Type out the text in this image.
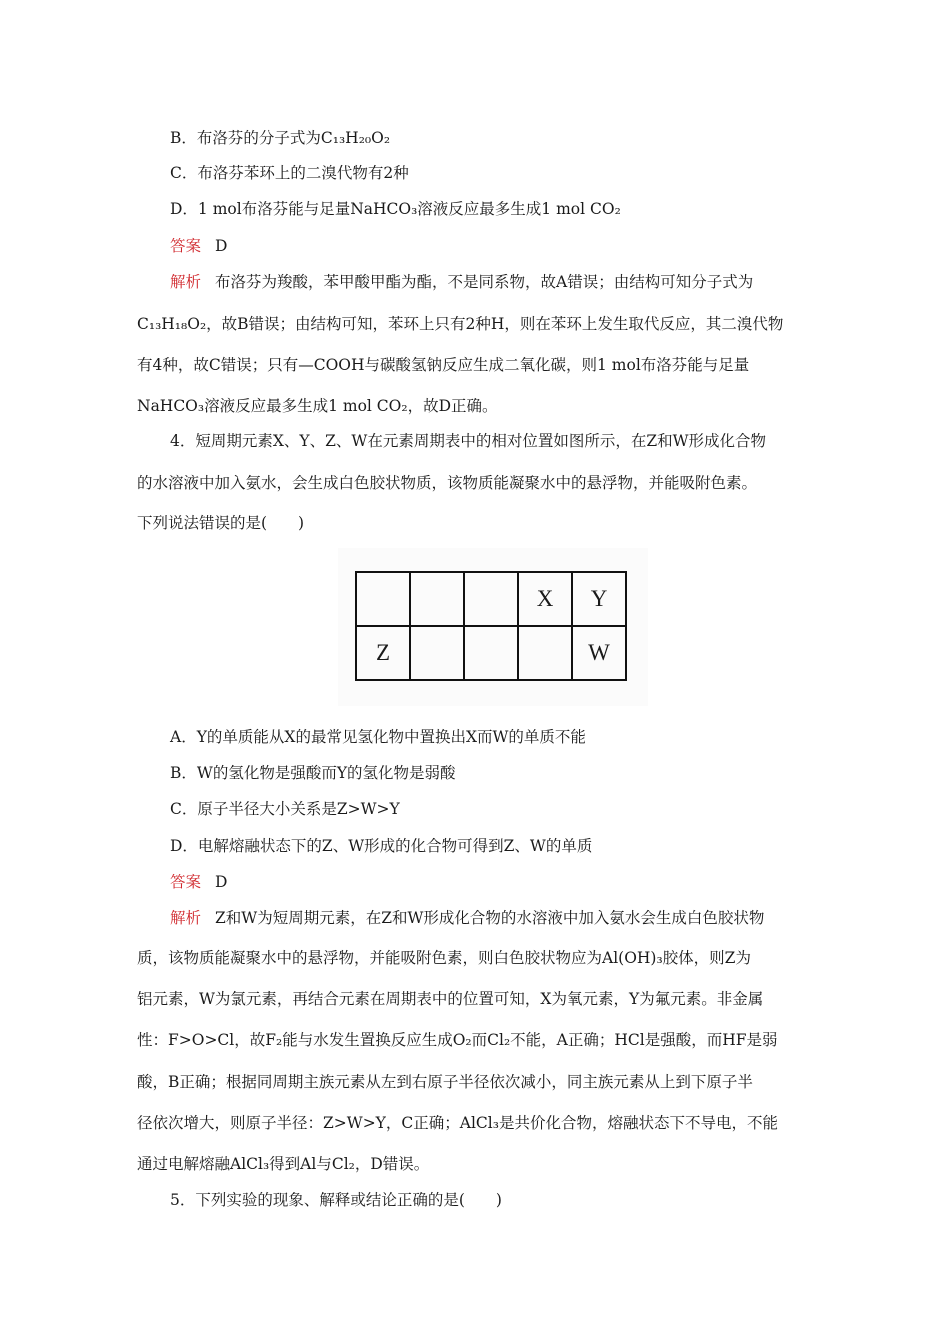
B．布洛芬的分子式为C₁₃H₂₀O₂
C．布洛芬苯环上的二溴代物有2种
D．1 mol布洛芬能与足量NaHCO₃溶液反应最多生成1 mol CO₂
答案 D
解析 布洛芬为羧酸，苯甲酸甲酯为酯，不是同系物，故A错误；由结构可知分子式为
C₁₃H₁₈O₂，故B错误；由结构可知，苯环上只有2种H，则在苯环上发生取代反应，其二溴代物
有4种，故C错误；只有—COOH与碳酸氢钠反应生成二氧化碳，则1 mol布洛芬能与足量
NaHCO₃溶液反应最多生成1 mol CO₂，故D正确。
4．短周期元素X、Y、Z、W在元素周期表中的相对位置如图所示，在Z和W形成化合物
的水溶液中加入氨水，会生成白色胶状物质，该物质能凝聚水中的悬浮物，并能吸附色素。
下列说法错误的是(　　)
			X	Y
Z				W
A．Y的单质能从X的最常见氢化物中置换出X而W的单质不能
B．W的氢化物是强酸而Y的氢化物是弱酸
C．原子半径大小关系是Z>W>Y
D．电解熔融状态下的Z、W形成的化合物可得到Z、W的单质
答案 D
解析 Z和W为短周期元素，在Z和W形成化合物的水溶液中加入氨水会生成白色胶状物
质，该物质能凝聚水中的悬浮物，并能吸附色素，则白色胶状物应为Al(OH)₃胶体，则Z为
铝元素，W为氯元素，再结合元素在周期表中的位置可知，X为氧元素，Y为氟元素。非金属
性：F>O>Cl，故F₂能与水发生置换反应生成O₂而Cl₂不能，A正确；HCl是强酸，而HF是弱
酸，B正确；根据同周期主族元素从左到右原子半径依次减小，同主族元素从上到下原子半
径依次增大，则原子半径：Z>W>Y，C正确；AlCl₃是共价化合物，熔融状态下不导电，不能
通过电解熔融AlCl₃得到Al与Cl₂，D错误。
5．下列实验的现象、解释或结论正确的是(　　)
